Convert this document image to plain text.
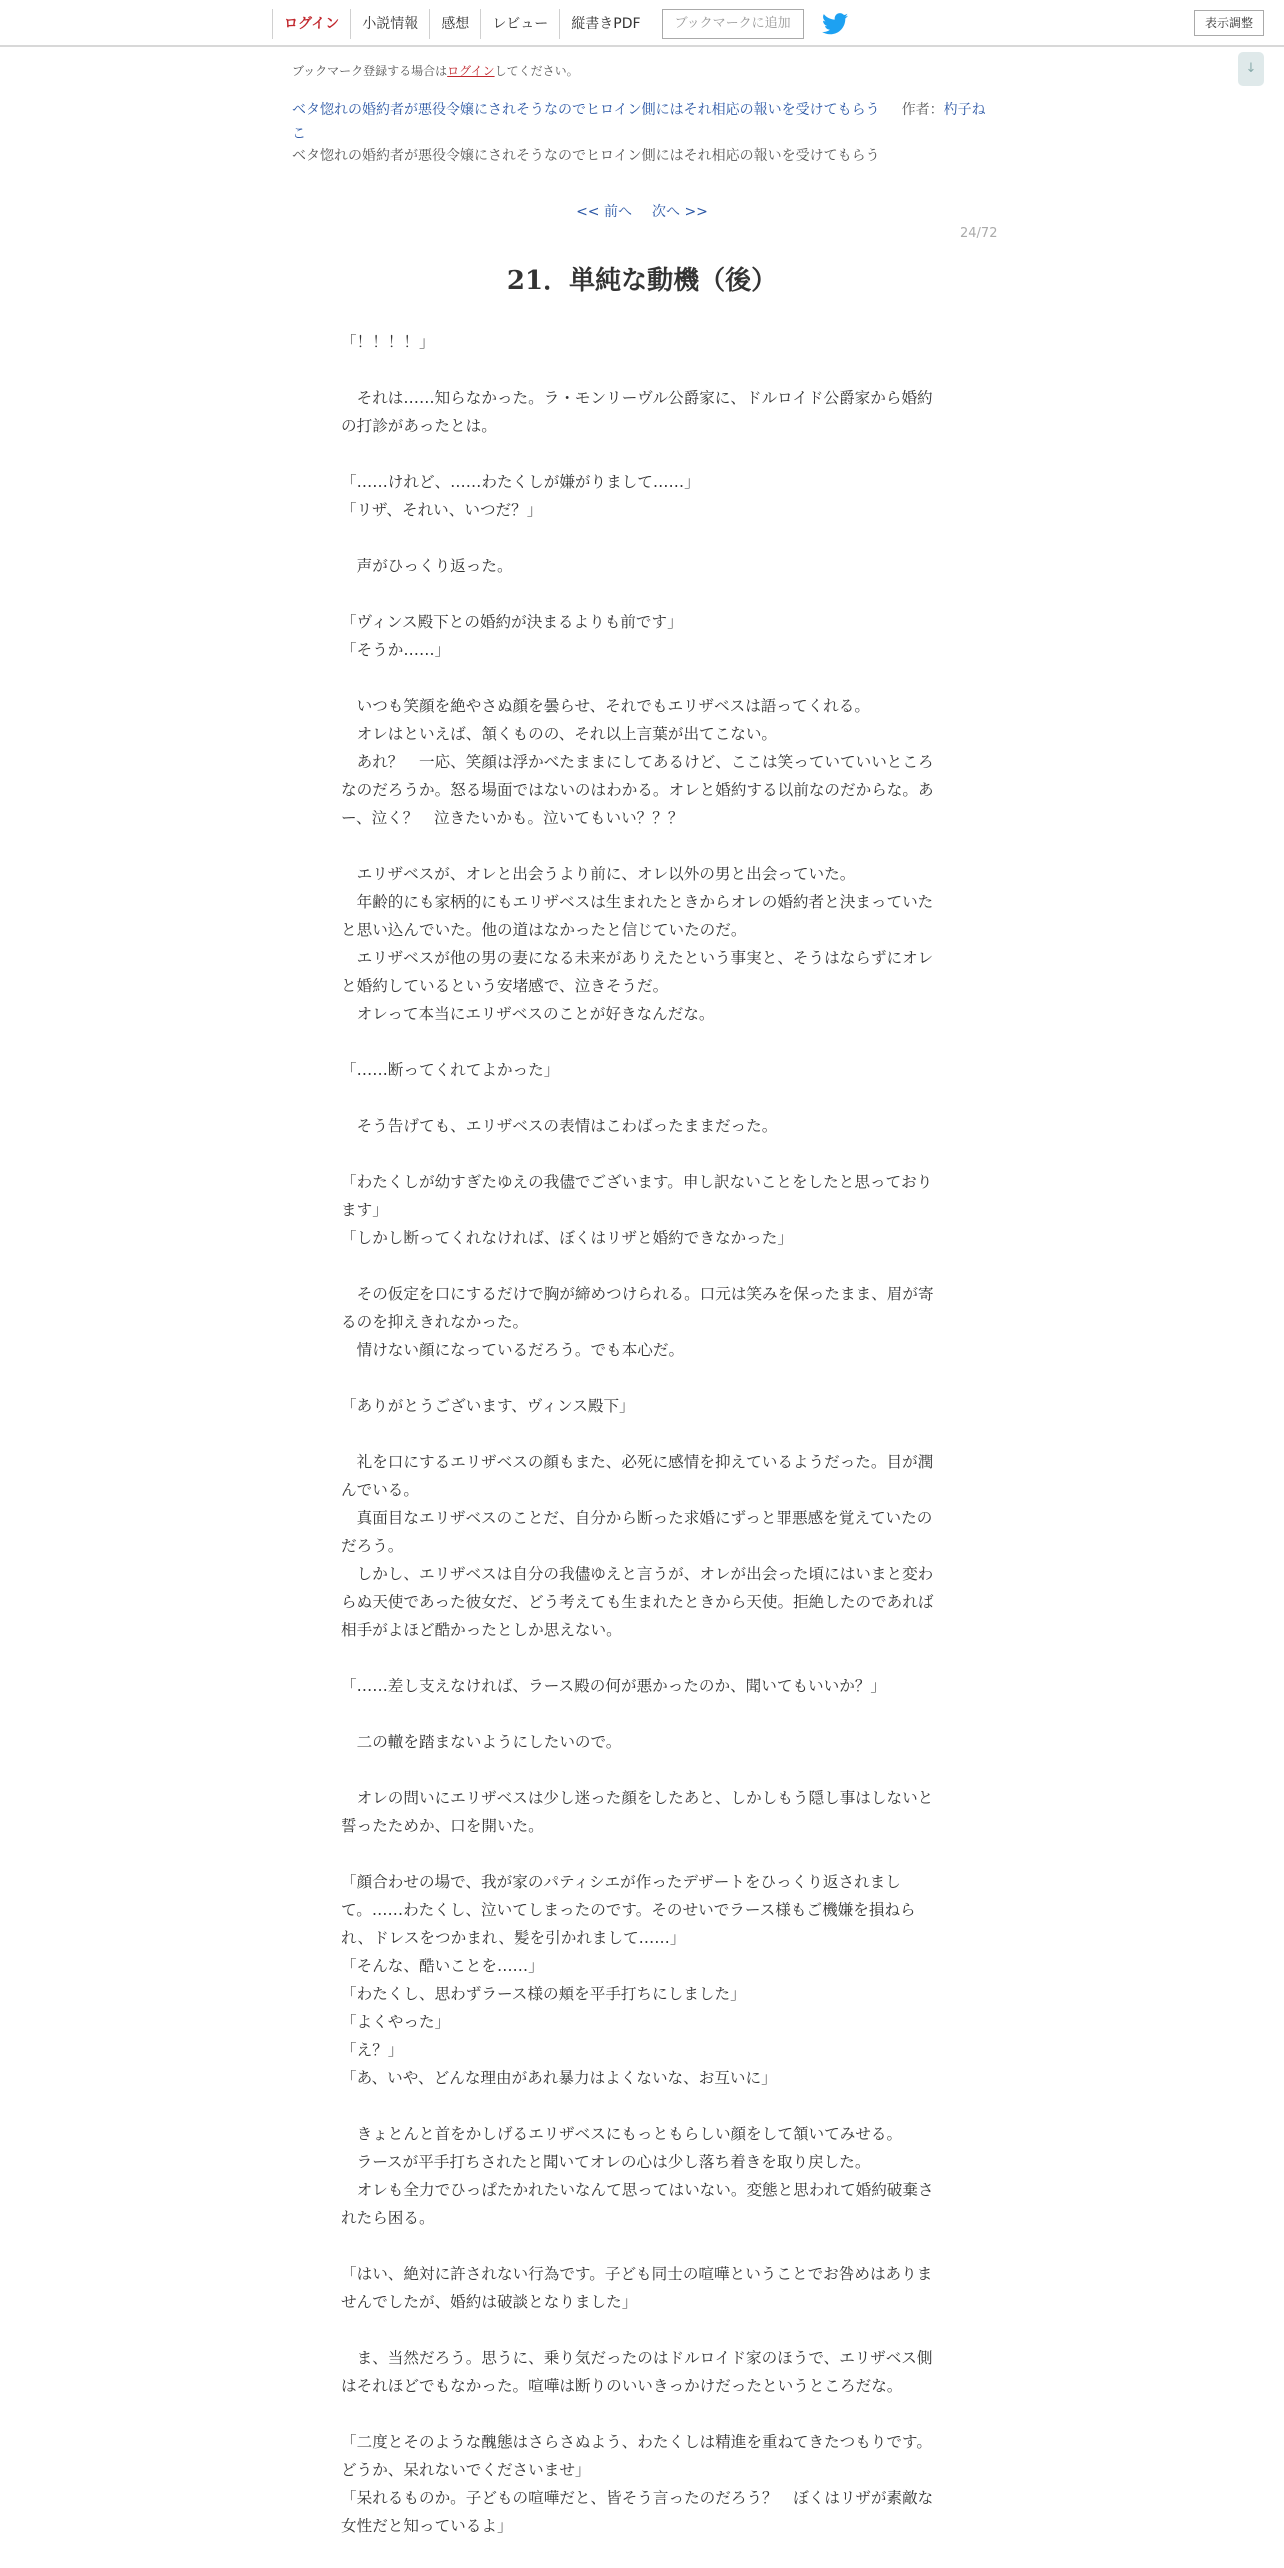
ログイン	小説情報	感想	レビュー	縦書きPDF	ブックマークに追加	表示調整
↓
ブックマーク登録する場合はログインしてください。
ベタ惚れの婚約者が悪役令嬢にされそうなのでヒロイン側にはそれ相応の報いを受けてもらう 作者：杓子ねこ
ベタ惚れの婚約者が悪役令嬢にされそうなのでヒロイン側にはそれ相応の報いを受けてもらう
<< 前へ 次へ >>
24/72
21．単純な動機（後）

「！！！！」

　それは……知らなかった。ラ・モンリーヴル公爵家に、ドルロイド公爵家から婚約の打診があったとは。

「……けれど、……わたくしが嫌がりまして……」

「リザ、それい、いつだ？」

　声がひっくり返った。

「ヴィンス殿下との婚約が決まるよりも前です」

「そうか……」

　いつも笑顔を絶やさぬ顔を曇らせ、それでもエリザベスは語ってくれる。

　オレはといえば、頷くものの、それ以上言葉が出てこない。

　あれ？　一応、笑顔は浮かべたままにしてあるけど、ここは笑っていていいところなのだろうか。怒る場面ではないのはわかる。オレと婚約する以前なのだからな。あー、泣く？　泣きたいかも。泣いてもいい？？？

　エリザベスが、オレと出会うより前に、オレ以外の男と出会っていた。

　年齢的にも家柄的にもエリザベスは生まれたときからオレの婚約者と決まっていたと思い込んでいた。他の道はなかったと信じていたのだ。

　エリザベスが他の男の妻になる未来がありえたという事実と、そうはならずにオレと婚約しているという安堵感で、泣きそうだ。

　オレって本当にエリザベスのことが好きなんだな。

「……断ってくれてよかった」

　そう告げても、エリザベスの表情はこわばったままだった。

「わたくしが幼すぎたゆえの我儘でございます。申し訳ないことをしたと思っております」

「しかし断ってくれなければ、ぼくはリザと婚約できなかった」

　その仮定を口にするだけで胸が締めつけられる。口元は笑みを保ったまま、眉が寄るのを抑えきれなかった。

　情けない顔になっているだろう。でも本心だ。

「ありがとうございます、ヴィンス殿下」

　礼を口にするエリザベスの顔もまた、必死に感情を抑えているようだった。目が潤んでいる。

　真面目なエリザベスのことだ、自分から断った求婚にずっと罪悪感を覚えていたのだろう。

　しかし、エリザベスは自分の我儘ゆえと言うが、オレが出会った頃にはいまと変わらぬ天使であった彼女だ、どう考えても生まれたときから天使。拒絶したのであれば相手がよほど酷かったとしか思えない。

「……差し支えなければ、ラース殿の何が悪かったのか、聞いてもいいか？」

　二の轍を踏まないようにしたいので。

　オレの問いにエリザベスは少し迷った顔をしたあと、しかしもう隠し事はしないと誓ったためか、口を開いた。

「顔合わせの場で、我が家のパティシエが作ったデザートをひっくり返されまして。……わたくし、泣いてしまったのです。そのせいでラース様もご機嫌を損ねられ、ドレスをつかまれ、髪を引かれまして……」

「そんな、酷いことを……」

「わたくし、思わずラース様の頬を平手打ちにしました」

「よくやった」

「え？」

「あ、いや、どんな理由があれ暴力はよくないな、お互いに」

　きょとんと首をかしげるエリザベスにもっともらしい顔をして頷いてみせる。

　ラースが平手打ちされたと聞いてオレの心は少し落ち着きを取り戻した。

　オレも全力でひっぱたかれたいなんて思ってはいない。変態と思われて婚約破棄されたら困る。

「はい、絶対に許されない行為です。子ども同士の喧嘩ということでお咎めはありませんでしたが、婚約は破談となりました」

　ま、当然だろう。思うに、乗り気だったのはドルロイド家のほうで、エリザベス側はそれほどでもなかった。喧嘩は断りのいいきっかけだったというところだな。

「二度とそのような醜態はさらさぬよう、わたくしは精進を重ねてきたつもりです。どうか、呆れないでくださいませ」

「呆れるものか。子どもの喧嘩だと、皆そう言ったのだろう？　ぼくはリザが素敵な女性だと知っているよ」
